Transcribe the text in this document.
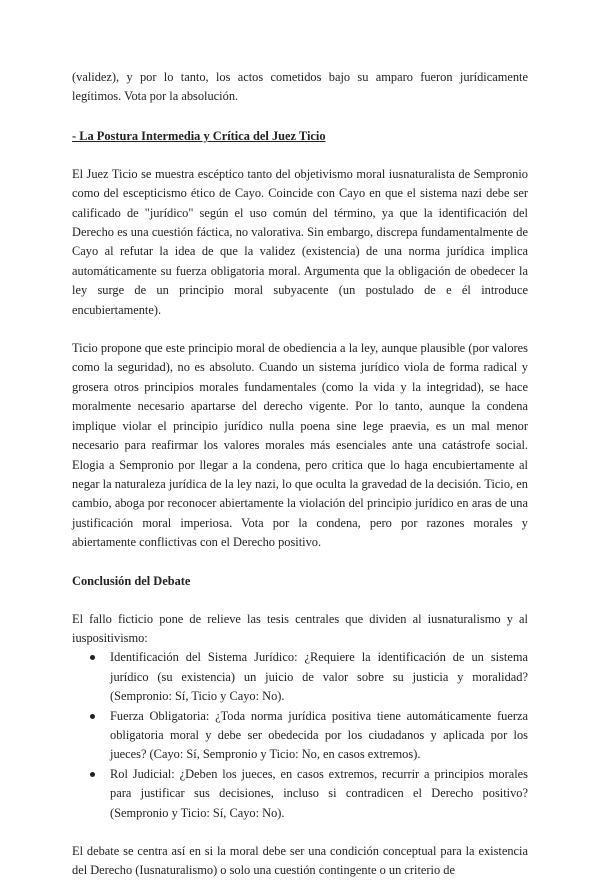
(validez), y por lo tanto, los actos cometidos bajo su amparo fueron jurídicamente legítimos. Vota por la absolución.

- La Postura Intermedia y Crítica del Juez Ticio

El Juez Ticio se muestra escéptico tanto del objetivismo moral iusnaturalista de Sempronio como del escepticismo ético de Cayo. Coincide con Cayo en que el sistema nazi debe ser calificado de "jurídico" según el uso común del término, ya que la identificación del Derecho es una cuestión fáctica, no valorativa. Sin embargo, discrepa fundamentalmente de Cayo al refutar la idea de que la validez (existencia) de una norma jurídica implica automáticamente su fuerza obligatoria moral. Argumenta que la obligación de obedecer la ley surge de un principio moral subyacente (un postulado de e él introduce encubiertamente).

Ticio propone que este principio moral de obediencia a la ley, aunque plausible (por valores como la seguridad), no es absoluto. Cuando un sistema jurídico viola de forma radical y grosera otros principios morales fundamentales (como la vida y la integridad), se hace moralmente necesario apartarse del derecho vigente. Por lo tanto, aunque la condena implique violar el principio jurídico nulla poena sine lege praevia, es un mal menor necesario para reafirmar los valores morales más esenciales ante una catástrofe social. Elogia a Sempronio por llegar a la condena, pero critica que lo haga encubiertamente al negar la naturaleza jurídica de la ley nazi, lo que oculta la gravedad de la decisión. Ticio, en cambio, aboga por reconocer abiertamente la violación del principio jurídico en aras de una justificación moral imperiosa. Vota por la condena, pero por razones morales y abiertamente conflictivas con el Derecho positivo.

Conclusión del Debate

El fallo ficticio pone de relieve las tesis centrales que dividen al iusnaturalismo y al iuspositivismo:

Identificación del Sistema Jurídico: ¿Requiere la identificación de un sistema jurídico (su existencia) un juicio de valor sobre su justicia y moralidad? (Sempronio: Sí, Ticio y Cayo: No).
Fuerza Obligatoria: ¿Toda norma jurídica positiva tiene automáticamente fuerza obligatoria moral y debe ser obedecida por los ciudadanos y aplicada por los jueces? (Cayo: Sí, Sempronio y Ticio: No, en casos extremos).
Rol Judicial: ¿Deben los jueces, en casos extremos, recurrir a principios morales para justificar sus decisiones, incluso si contradicen el Derecho positivo? (Sempronio y Ticio: Sí, Cayo: No).

El debate se centra así en si la moral debe ser una condición conceptual para la existencia del Derecho (Iusnaturalismo) o solo una cuestión contingente o un criterio de
